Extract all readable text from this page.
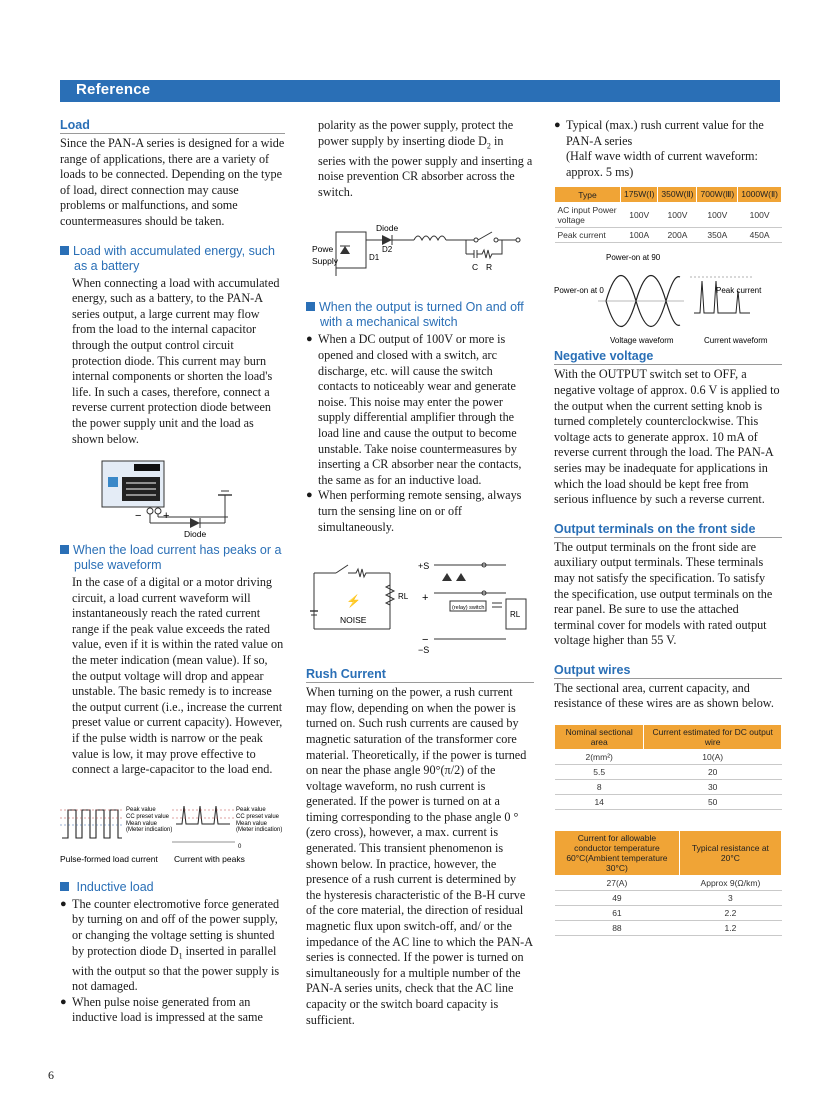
Reference
Load

Since the PAN-A series is designed for a wide range of applications, there are a variety of loads to be connected. Depending on the type of load, direct connection may cause problems or malfunctions, and some countermeasures should be taken.

Load with accumulated energy, such
as a battery

When connecting a load with accumulated energy, such as a battery, to the PAN-A series output, a large current may flow from the load to the internal capacitor through the output control circuit protection diode. This current may burn internal components or shorten the load's life. In such a cases, therefore, connect a reverse current protection diode between the power supply unit and the load as shown below.

− +
Diode
When the load current has peaks or a
pulse waveform

In the case of a digital or a motor driving circuit, a load current waveform will instantaneously reach the rated current range if the peak value exceeds the rated value, even if it is within the rated value on the meter indication (mean value). If so, the output voltage will drop and appear unstable. The basic remedy is to increase the output current (i.e., increase the current preset value or current capacity). However, if the pulse width is narrow or the peak value is low, it may prove effective to connect a large-capacitor to the load end.

Peak value
CC preset value
Mean value
(Meter indication)
Peak value
CC preset value
Mean value
(Meter indication)
0
Pulse-formed load current Current with peaks
Inductive load

● The counter electromotive force generated by turning on and off of the power supply, or changing the voltage setting is shunted by protection diode $D_1$ inserted in parallel with the output so that the power supply is not damaged.

● When pulse noise generated from an inductive load is impressed at the same

polarity as the power supply, protect the power supply by inserting diode $D_2$ in series with the power supply and inserting a noise prevention CR absorber across the switch.

Diode
Powe
Supply	D1
D2
C R
When the output is turned On and off
with a mechanical switch

● When a DC output of 100V or more is opened and closed with a switch, arc discharge, etc. will cause the switch contacts to noticeably wear and generate noise. This noise may enter the power supply differential amplifier through the load line and cause the output to become unstable. Take noise countermeasures by inserting a CR absorber near the contacts, the same as for an inductive load.

● When performing remote sensing, always turn the sensing line on or off simultaneously.

⚡	RL
NOISE
+S
+
−
−S
(relay) switch
RL
Rush Current

When turning on the power, a rush current may flow, depending on when the power is turned on. Such rush currents are caused by magnetic saturation of the transformer core material. Theoretically, if the power is turned on near the phase angle 90°(π/2) of the voltage waveform, no rush current is generated. If the power is turned on at a timing corresponding to the phase angle 0 °(zero cross), however, a max. current is generated. This transient phenomenon is shown below. In practice, however, the presence of a rush current is determined by the hysteresis characteristic of the B-H curve of the core material, the direction of residual magnetic flux upon switch-off, and/ or the impedance of the AC line to which the PAN-A series is connected. If the power is turned on simultaneously for a multiple number of the PAN-A series units, check that the AC line capacity or the switch board capacity is sufficient.

● Typical (max.) rush current value for the PAN-A series

(Half wave width of current waveform: approx. 5 ms)

Type	175W(Ⅰ)	350W(Ⅱ)	700W(Ⅲ)	1000W(Ⅱ)
AC input Power voltage	100V	100V	100V	100V
Peak current	100A	200A	350A	450A
Power-on at 90
Power-on at 0	Peak current
Voltage waveform	Current waveform
Negative voltage

With the OUTPUT switch set to OFF, a negative voltage of approx. 0.6 V is applied to the output when the current setting knob is turned completely counterclockwise. This voltage acts to generate approx. 10 mA of reverse current through the load. The PAN-A series may be inadequate for applications in which the load should be kept free from serious influence by such a reverse current.

Output terminals on the front side

The output terminals on the front side are auxiliary output terminals. These terminals may not satisfy the specification. To satisfy the specification, use output terminals on the rear panel. Be sure to use the attached terminal cover for models with rated output voltage higher than 55 V.

Output wires

The sectional area, current capacity, and resistance of these wires are as shown below.

Nominal sectional area	Current estimated for DC output wire
2(mm²)	10(A)
5.5	20
8	30
14	50
Current for allowable conductor temperature 60°C(Ambient temperature 30°C)	Typical resistance at 20°C
27(A)	Approx 9(Ω/km)
49	3
61	2.2
88	1.2
6
